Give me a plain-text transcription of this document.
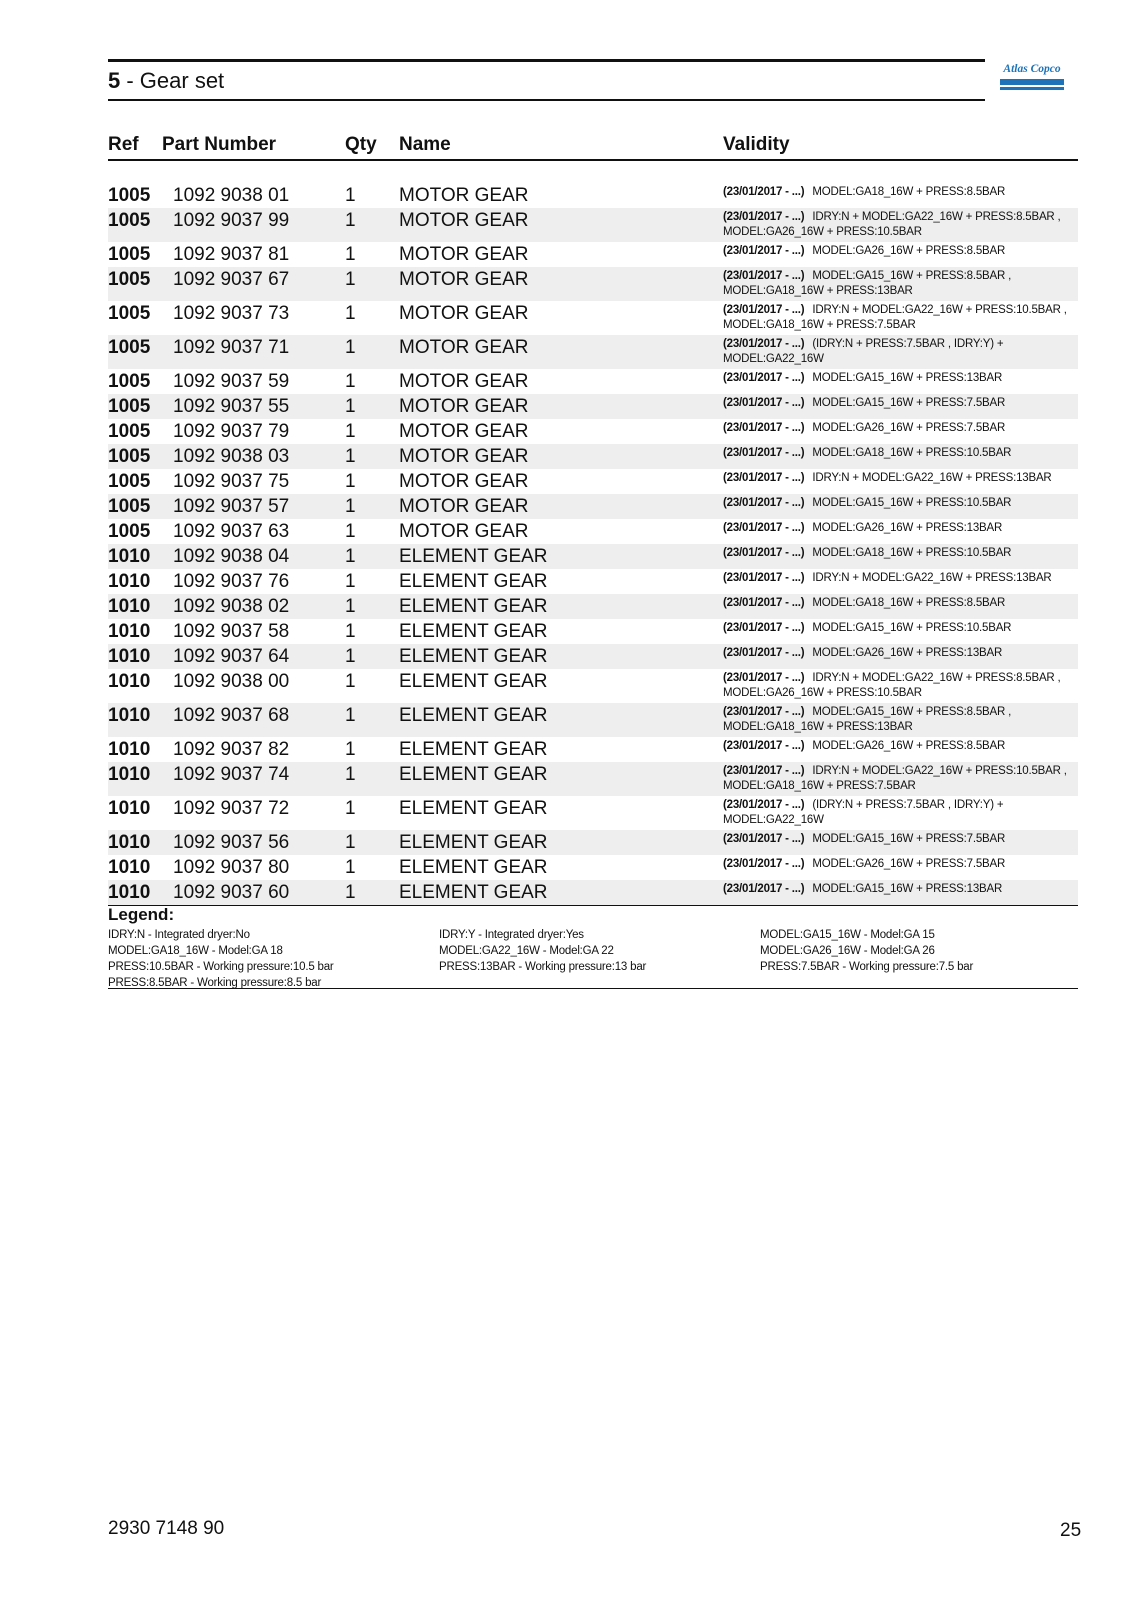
5 - Gear set	Atlas Copco
Ref Part Number	Qty Name	Validity
1005 1092 9038 01	1 MOTOR GEAR	(23/01/2017 - ...) MODEL:GA18_16W + PRESS:8.5BAR
1005 1092 9037 99	1 MOTOR GEAR	(23/01/2017 - ...) IDRY:N + MODEL:GA22_16W + PRESS:8.5BAR , MODEL:GA26_16W + PRESS:10.5BAR
1005 1092 9037 81	1 MOTOR GEAR	(23/01/2017 - ...) MODEL:GA26_16W + PRESS:8.5BAR
1005 1092 9037 67	1 MOTOR GEAR	(23/01/2017 - ...) MODEL:GA15_16W + PRESS:8.5BAR , MODEL:GA18_16W + PRESS:13BAR
1005 1092 9037 73	1 MOTOR GEAR	(23/01/2017 - ...) IDRY:N + MODEL:GA22_16W + PRESS:10.5BAR , MODEL:GA18_16W + PRESS:7.5BAR
1005 1092 9037 71	1 MOTOR GEAR	(23/01/2017 - ...) (IDRY:N + PRESS:7.5BAR , IDRY:Y) + MODEL:GA22_16W
1005 1092 9037 59	1 MOTOR GEAR	(23/01/2017 - ...) MODEL:GA15_16W + PRESS:13BAR
1005 1092 9037 55	1 MOTOR GEAR	(23/01/2017 - ...) MODEL:GA15_16W + PRESS:7.5BAR
1005 1092 9037 79	1 MOTOR GEAR	(23/01/2017 - ...) MODEL:GA26_16W + PRESS:7.5BAR
1005 1092 9038 03	1 MOTOR GEAR	(23/01/2017 - ...) MODEL:GA18_16W + PRESS:10.5BAR
1005 1092 9037 75	1 MOTOR GEAR	(23/01/2017 - ...) IDRY:N + MODEL:GA22_16W + PRESS:13BAR
1005 1092 9037 57	1 MOTOR GEAR	(23/01/2017 - ...) MODEL:GA15_16W + PRESS:10.5BAR
1005 1092 9037 63	1 MOTOR GEAR	(23/01/2017 - ...) MODEL:GA26_16W + PRESS:13BAR
1010 1092 9038 04	1 ELEMENT GEAR	(23/01/2017 - ...) MODEL:GA18_16W + PRESS:10.5BAR
1010 1092 9037 76	1 ELEMENT GEAR	(23/01/2017 - ...) IDRY:N + MODEL:GA22_16W + PRESS:13BAR
1010 1092 9038 02	1 ELEMENT GEAR	(23/01/2017 - ...) MODEL:GA18_16W + PRESS:8.5BAR
1010 1092 9037 58	1 ELEMENT GEAR	(23/01/2017 - ...) MODEL:GA15_16W + PRESS:10.5BAR
1010 1092 9037 64	1 ELEMENT GEAR	(23/01/2017 - ...) MODEL:GA26_16W + PRESS:13BAR
1010 1092 9038 00	1 ELEMENT GEAR	(23/01/2017 - ...) IDRY:N + MODEL:GA22_16W + PRESS:8.5BAR , MODEL:GA26_16W + PRESS:10.5BAR
1010 1092 9037 68	1 ELEMENT GEAR	(23/01/2017 - ...) MODEL:GA15_16W + PRESS:8.5BAR , MODEL:GA18_16W + PRESS:13BAR
1010 1092 9037 82	1 ELEMENT GEAR	(23/01/2017 - ...) MODEL:GA26_16W + PRESS:8.5BAR
1010 1092 9037 74	1 ELEMENT GEAR	(23/01/2017 - ...) IDRY:N + MODEL:GA22_16W + PRESS:10.5BAR , MODEL:GA18_16W + PRESS:7.5BAR
1010 1092 9037 72	1 ELEMENT GEAR	(23/01/2017 - ...) (IDRY:N + PRESS:7.5BAR , IDRY:Y) + MODEL:GA22_16W
1010 1092 9037 56	1 ELEMENT GEAR	(23/01/2017 - ...) MODEL:GA15_16W + PRESS:7.5BAR
1010 1092 9037 80	1 ELEMENT GEAR	(23/01/2017 - ...) MODEL:GA26_16W + PRESS:7.5BAR
1010 1092 9037 60	1 ELEMENT GEAR	(23/01/2017 - ...) MODEL:GA15_16W + PRESS:13BAR
Legend:
IDRY:N - Integrated dryer:No
MODEL:GA18_16W - Model:GA 18
PRESS:10.5BAR - Working pressure:10.5 bar
PRESS:8.5BAR - Working pressure:8.5 bar
IDRY:Y - Integrated dryer:Yes
MODEL:GA22_16W - Model:GA 22
PRESS:13BAR - Working pressure:13 bar
MODEL:GA15_16W - Model:GA 15
MODEL:GA26_16W - Model:GA 26
PRESS:7.5BAR - Working pressure:7.5 bar
2930 7148 90	25
